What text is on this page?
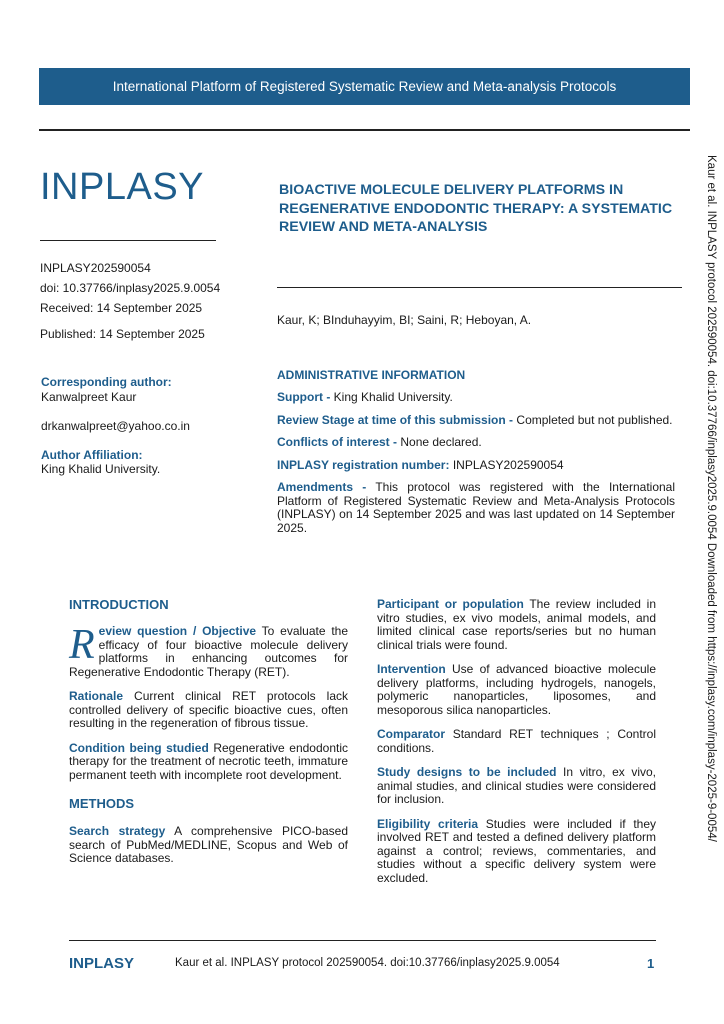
International Platform of Registered Systematic Review and Meta-analysis Protocols
INPLASY
INPLASY202590054
doi: 10.37766/inplasy2025.9.0054
Received: 14 September 2025
Published: 14 September 2025
Corresponding author:
Kanwalpreet Kaur
drkanwalpreet@yahoo.co.in
Author Affiliation:
King Khalid University.
BIOACTIVE MOLECULE DELIVERY PLATFORMS IN REGENERATIVE ENDODONTIC THERAPY: A SYSTEMATIC REVIEW AND META-ANALYSIS
Kaur, K; BInduhayyim, BI; Saini, R; Heboyan, A.
ADMINISTRATIVE INFORMATION
Support - King Khalid University.
Review Stage at time of this submission - Completed but not published.
Conflicts of interest - None declared.
INPLASY registration number: INPLASY202590054
Amendments - This protocol was registered with the International Platform of Registered Systematic Review and Meta-Analysis Protocols (INPLASY) on 14 September 2025 and was last updated on 14 September 2025.
INTRODUCTION
Review question / Objective To evaluate the efficacy of four bioactive molecule delivery platforms in enhancing outcomes for Regenerative Endodontic Therapy (RET).
Rationale Current clinical RET protocols lack controlled delivery of specific bioactive cues, often resulting in the regeneration of fibrous tissue.
Condition being studied Regenerative endodontic therapy for the treatment of necrotic teeth, immature permanent teeth with incomplete root development.
METHODS
Search strategy A comprehensive PICO-based search of PubMed/MEDLINE, Scopus and Web of Science databases.
Participant or population The review included in vitro studies, ex vivo models, animal models, and limited clinical case reports/series but no human clinical trials were found.
Intervention Use of advanced bioactive molecule delivery platforms, including hydrogels, nanogels, polymeric nanoparticles, liposomes, and mesoporous silica nanoparticles.
Comparator Standard RET techniques ; Control conditions.
Study designs to be included In vitro, ex vivo, animal studies, and clinical studies were considered for inclusion.
Eligibility criteria Studies were included if they involved RET and tested a defined delivery platform against a control; reviews, commentaries, and studies without a specific delivery system were excluded.
Kaur et al. INPLASY protocol 202590054. doi:10.37766/inplasy2025.9.0054 Downloaded from https://inplasy.com/inplasy-2025-9-0054/
INPLASY	Kaur et al. INPLASY protocol 202590054. doi:10.37766/inplasy2025.9.0054	1
